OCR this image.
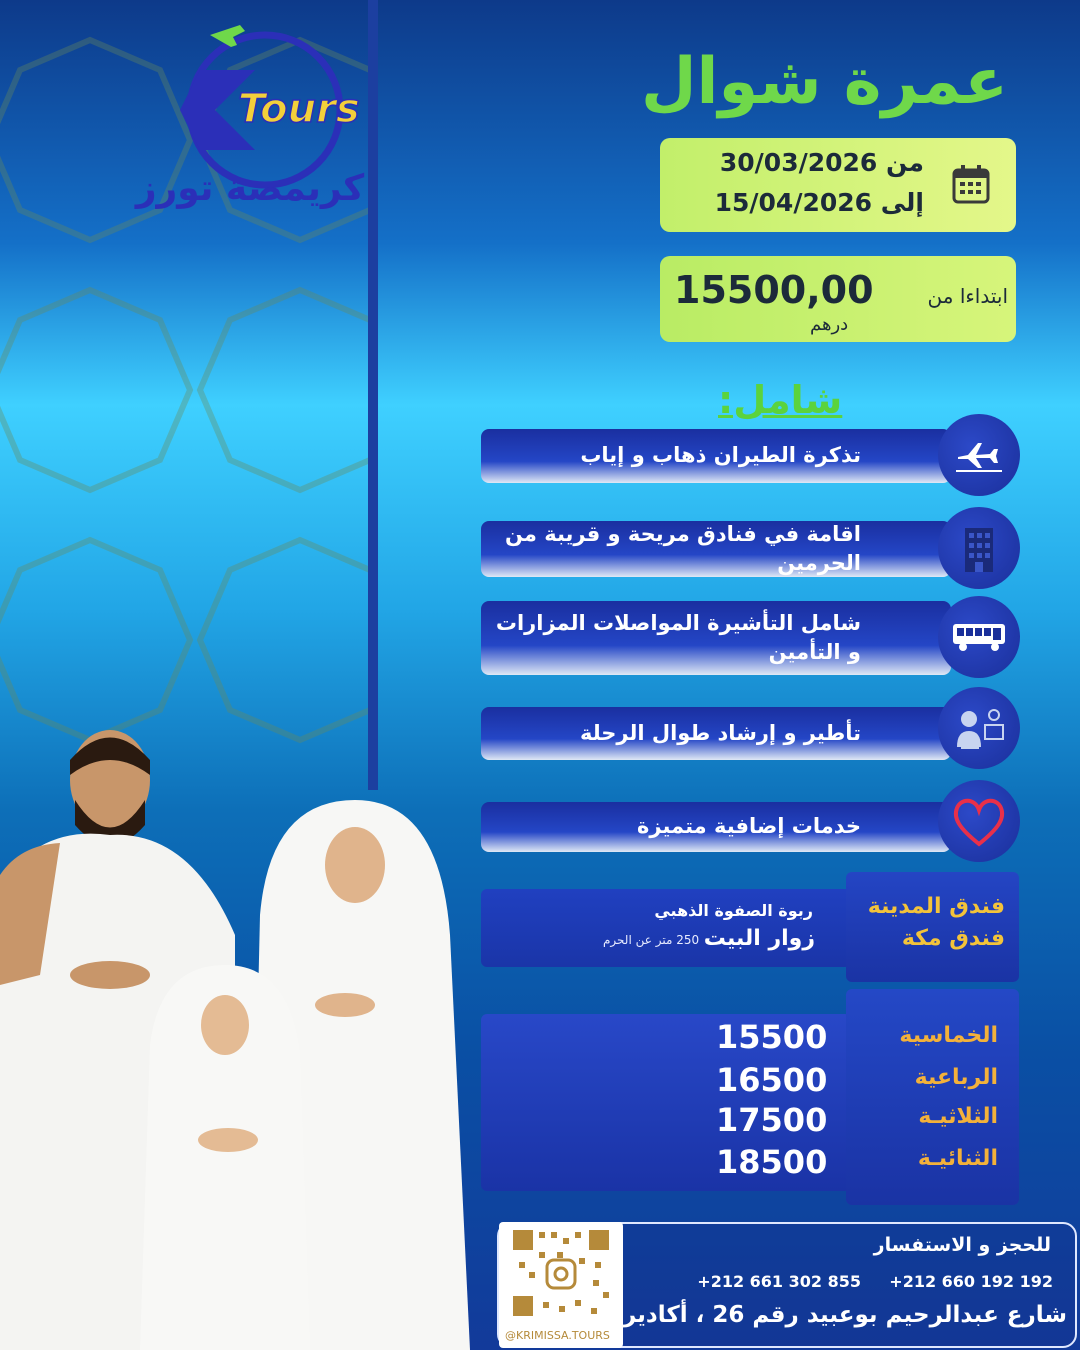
Tours
كريمصة تورز
عمرة شوال
من 30/03/2026
إلى 15/04/2026
ابتداءا من
15500,00
درهم
شامل:
تذكرة الطيران ذهاب و إياب
اقامة في فنادق مريحة و قريبة من الحرمين
شامل التأشيرة المواصلات المزارات و التأمين
تأطير و إرشاد طوال الرحلة
خدمات إضافية متميزة
ربوة الصفوة الذهبي
زوار البيت
250 متر عن الحرم
فندق المدينة
فندق مكة
الخماسية
15500
الرباعية
16500
الثلاثيـة
17500
الثنائيـة
18500
للحجز و الاستفسار
+212 660 192 192
+212 661 302 855
شارع عبدالرحيم بوعبيد رقم 26 ، أكادير
@KRIMISSA.TOURS
